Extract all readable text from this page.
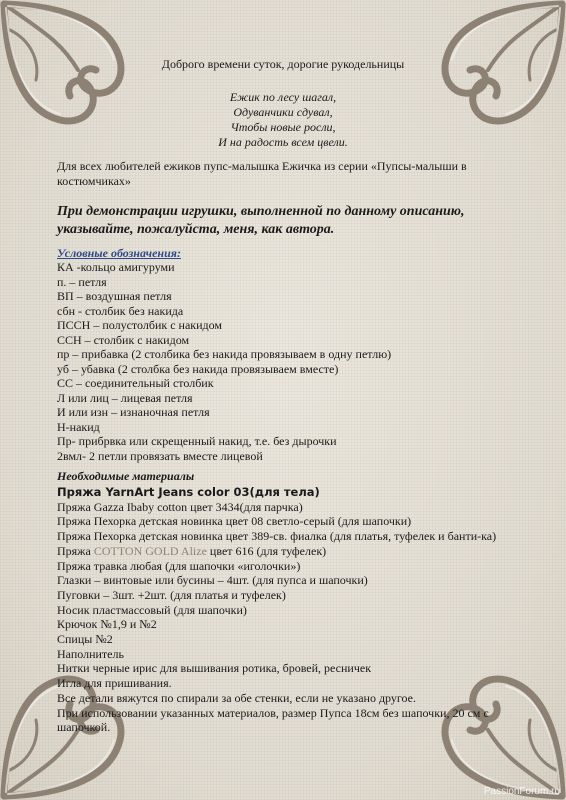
Доброго времени суток, дорогие рукодельницы
Ежик по лесу шагал,
Одуванчики сдувал,
Чтобы новые росли,
И на радость всем цвели.
Для всех любителей ежиков пупс-малышка Ежичка из серии «Пупсы-малыши в костюмчиках»
При демонстрации игрушки, выполненной по данному описанию, указывайте, пожалуйста, меня, как автора.
Условные обозначения:
КА -кольцо амигуруми
п. – петля
ВП – воздушная петля
сбн - столбик без накида
ПССН – полустолбик с накидом
ССН – столбик с накидом
пр – прибавка (2 столбика без накида провязываем в одну петлю)
уб – убавка (2 столбка без накида провязываем вместе)
СС – соединительный столбик
Л или лиц – лицевая петля
И или изн – изнаночная петля
Н-накид
Пр- прибрвка или скрещенный накид, т.е. без дырочки
2вмл- 2 петли провязать вместе лицевой
Необходимые материалы
Пряжа YarnArt Jeans color 03(для тела)
Пряжа Gazza Ibaby cotton цвет 3434(для парчка)
Пряжа Пехорка детская новинка цвет 08 светло-серый (для шапочки)
Пряжа Пехорка детская новинка цвет 389-св. фиалка (для платья, туфелек и банти-ка)
Пряжа COTTON GOLD Alize цвет 616 (для туфелек)
Пряжа травка любая (для шапочки «иголочки»)
Глазки – винтовые или бусины – 4шт. (для пупса и шапочки)
Пуговки – 3шт. +2шт. (для платья и туфелек)
Носик пластмассовый (для шапочки)
Крючок №1,9 и №2
Спицы №2
Наполнитель
Нитки черные ирис для вышивания ротика, бровей, ресничек
Игла для пришивания.
Все детали вяжутся по спирали за обе стенки, если не указано другое.
При использовании указанных материалов, размер Пупса 18см без шапочки, 20 см с шапочкой.
PassionForum.ru
